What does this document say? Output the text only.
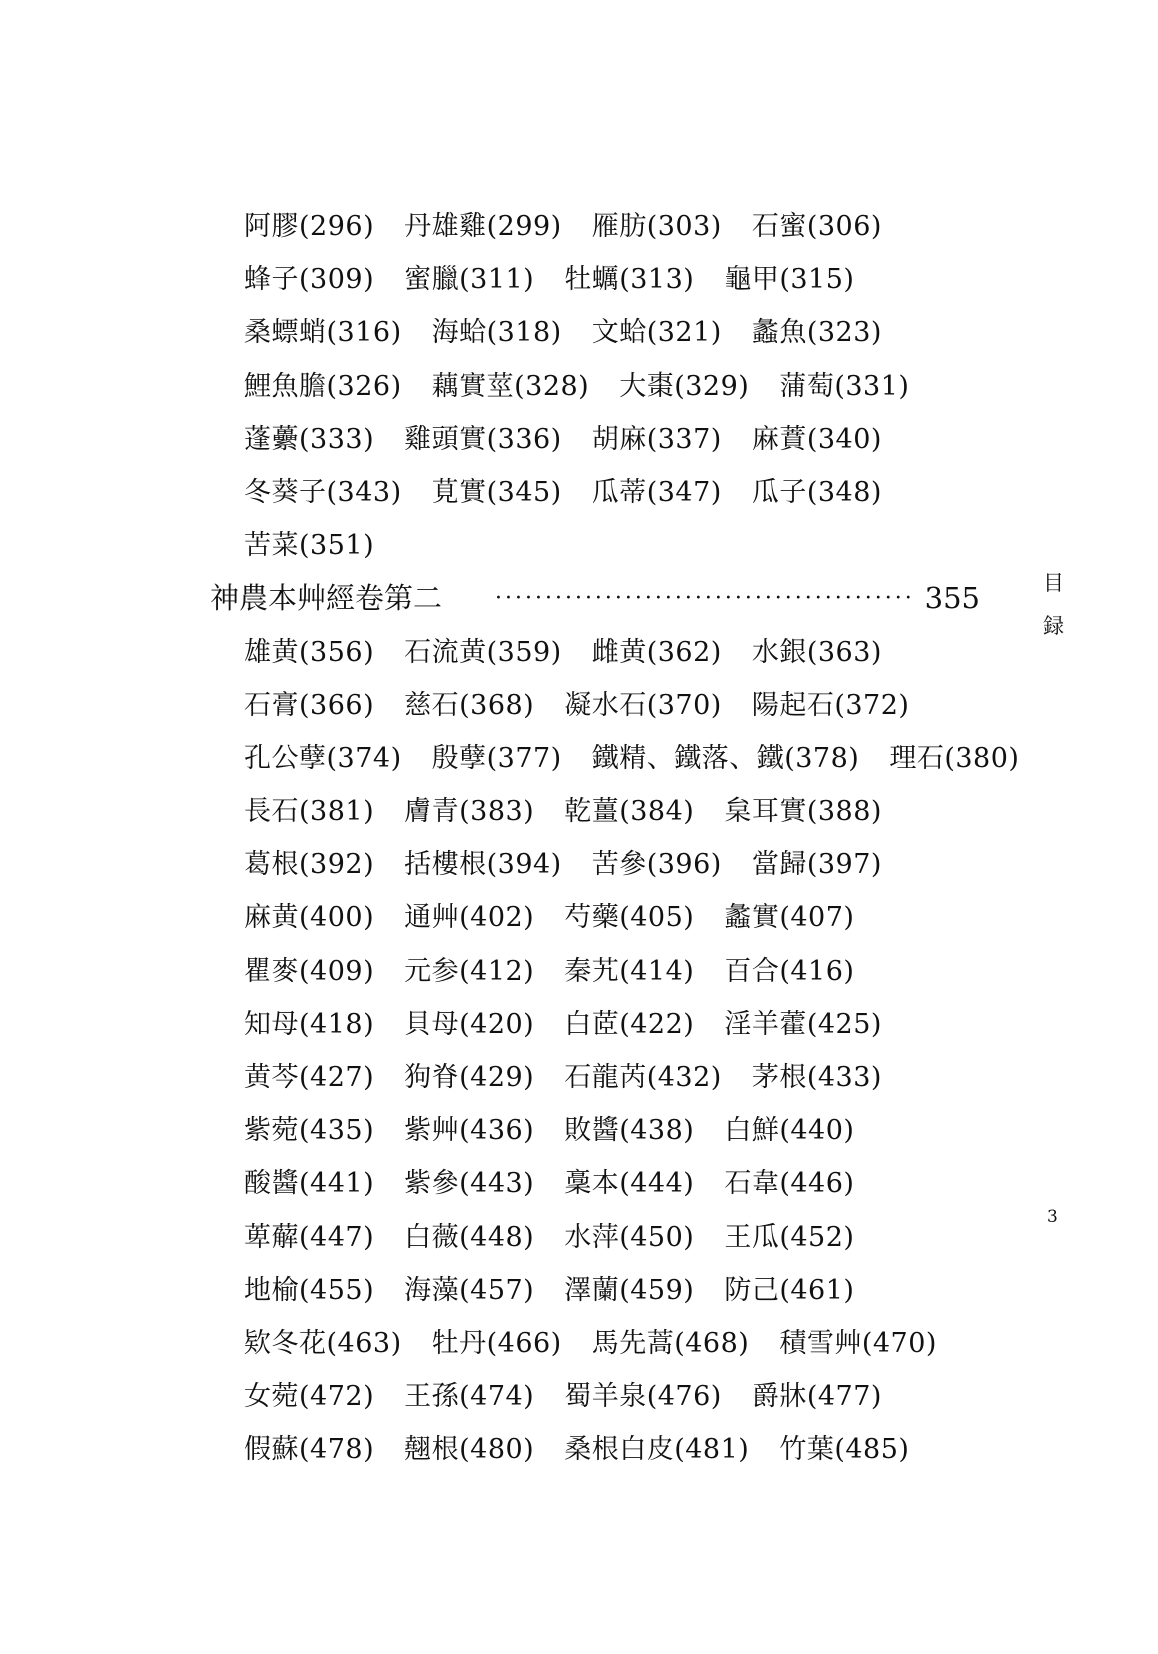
阿膠(296) 丹雄雞(299) 雁肪(303) 石蜜(306)
蜂子(309) 蜜臘(311) 牡蠣(313) 龜甲(315)
桑螵蛸(316) 海蛤(318) 文蛤(321) 蠡魚(323)
鯉魚膽(326) 藕實莖(328) 大棗(329) 蒲萄(331)
蓬虆(333) 雞頭實(336) 胡麻(337) 麻蕡(340)
冬葵子(343) 莧實(345) 瓜蒂(347) 瓜子(348)
苦菜(351)
神農本艸經卷第二 ·········································· 355
雄黄(356) 石流黄(359) 雌黄(362) 水銀(363)
石膏(366) 慈石(368) 凝水石(370) 陽起石(372)
孔公孽(374) 殷孽(377) 鐵精、鐵落、鐵(378) 理石(380)
長石(381) 膚青(383) 乾薑(384) 枲耳實(388)
葛根(392) 括樓根(394) 苦參(396) 當歸(397)
麻黄(400) 通艸(402) 芍藥(405) 蠡實(407)
瞿麥(409) 元参(412) 秦艽(414) 百合(416)
知母(418) 貝母(420) 白茝(422) 淫羊藿(425)
黄芩(427) 狗脊(429) 石龍芮(432) 茅根(433)
紫菀(435) 紫艸(436) 敗醬(438) 白鮮(440)
酸醬(441) 紫參(443) 稾本(444) 石韋(446)
萆薢(447) 白薇(448) 水萍(450) 王瓜(452)
地榆(455) 海藻(457) 澤蘭(459) 防己(461)
欵冬花(463) 牡丹(466) 馬先蒿(468) 積雪艸(470)
女菀(472) 王孫(474) 蜀羊泉(476) 爵牀(477)
假蘇(478) 翹根(480) 桑根白皮(481) 竹葉(485)
目
録
3
